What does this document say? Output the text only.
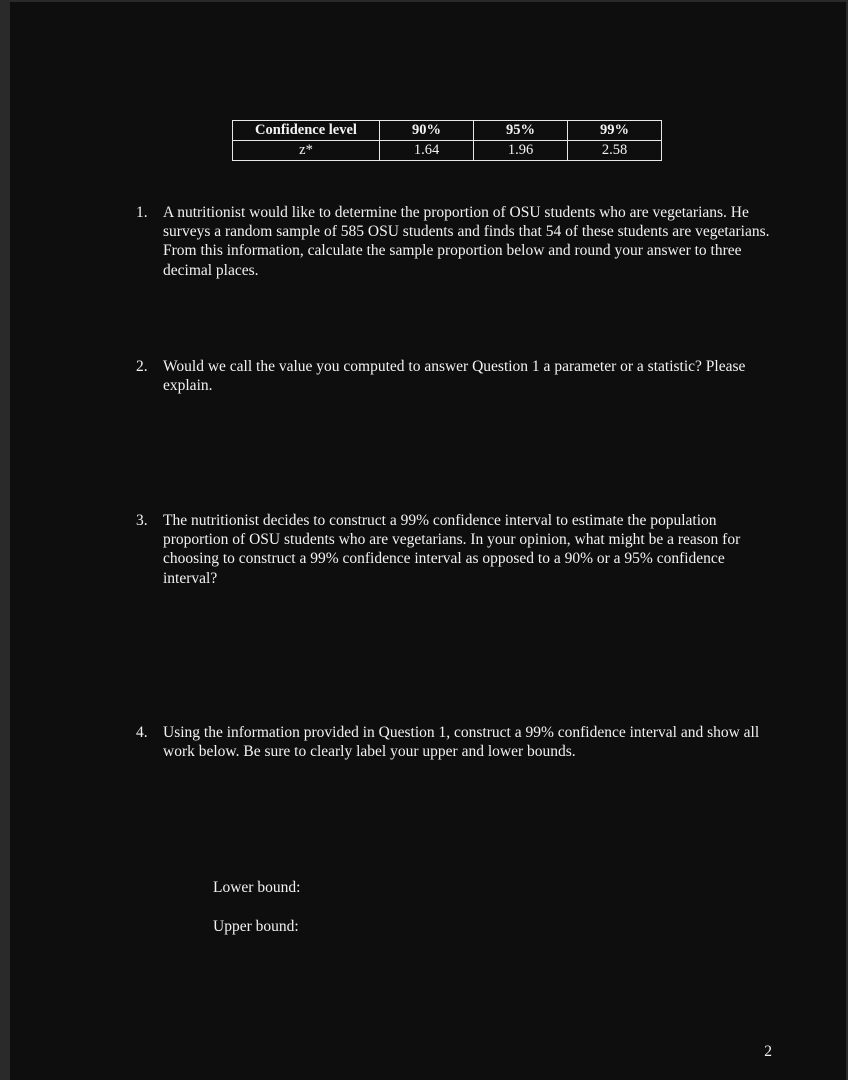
Confidence level	90%	95%	99%
z*	1.64	1.96	2.58
1. A nutritionist would like to determine the proportion of OSU students who are vegetarians. He surveys a random sample of 585 OSU students and finds that 54 of these students are vegetarians. From this information, calculate the sample proportion below and round your answer to three decimal places.
2. Would we call the value you computed to answer Question 1 a parameter or a statistic? Please explain.
3. The nutritionist decides to construct a 99% confidence interval to estimate the population proportion of OSU students who are vegetarians. In your opinion, what might be a reason for choosing to construct a 99% confidence interval as opposed to a 90% or a 95% confidence interval?
4. Using the information provided in Question 1, construct a 99% confidence interval and show all work below. Be sure to clearly label your upper and lower bounds.
Lower bound:
Upper bound:
2
